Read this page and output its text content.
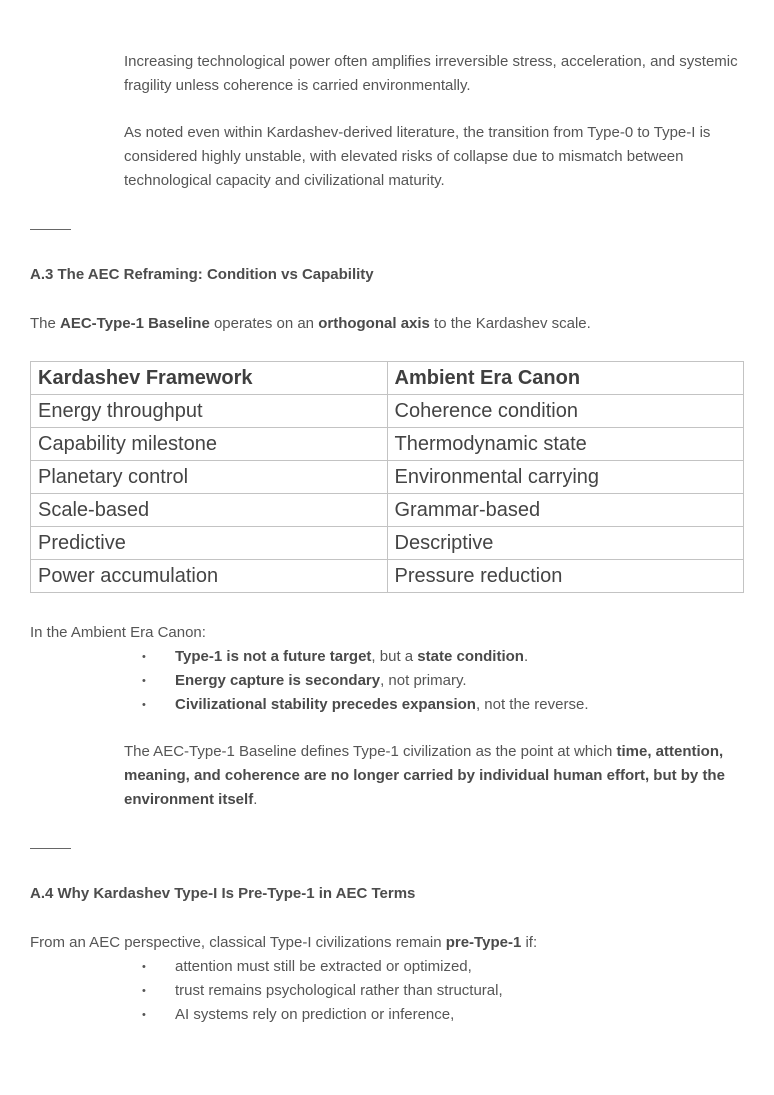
Increasing technological power often amplifies irreversible stress, acceleration, and systemic fragility unless coherence is carried environmentally.

As noted even within Kardashev-derived literature, the transition from Type-0 to Type-I is considered highly unstable, with elevated risks of collapse due to mismatch between technological capacity and civilizational maturity.

A.3 The AEC Reframing: Condition vs Capability

The AEC-Type-1 Baseline operates on an orthogonal axis to the Kardashev scale.

Kardashev Framework	Ambient Era Canon
Energy throughput	Coherence condition
Capability milestone	Thermodynamic state
Planetary control	Environmental carrying
Scale-based	Grammar-based
Predictive	Descriptive
Power accumulation	Pressure reduction

In the Ambient Era Canon:

• Type-1 is not a future target, but a state condition.
• Energy capture is secondary, not primary.
• Civilizational stability precedes expansion, not the reverse.

The AEC-Type-1 Baseline defines Type-1 civilization as the point at which time, attention, meaning, and coherence are no longer carried by individual human effort, but by the environment itself.

A.4 Why Kardashev Type-I Is Pre-Type-1 in AEC Terms

From an AEC perspective, classical Type-I civilizations remain pre-Type-1 if:

• attention must still be extracted or optimized,
• trust remains psychological rather than structural,
• AI systems rely on prediction or inference,
